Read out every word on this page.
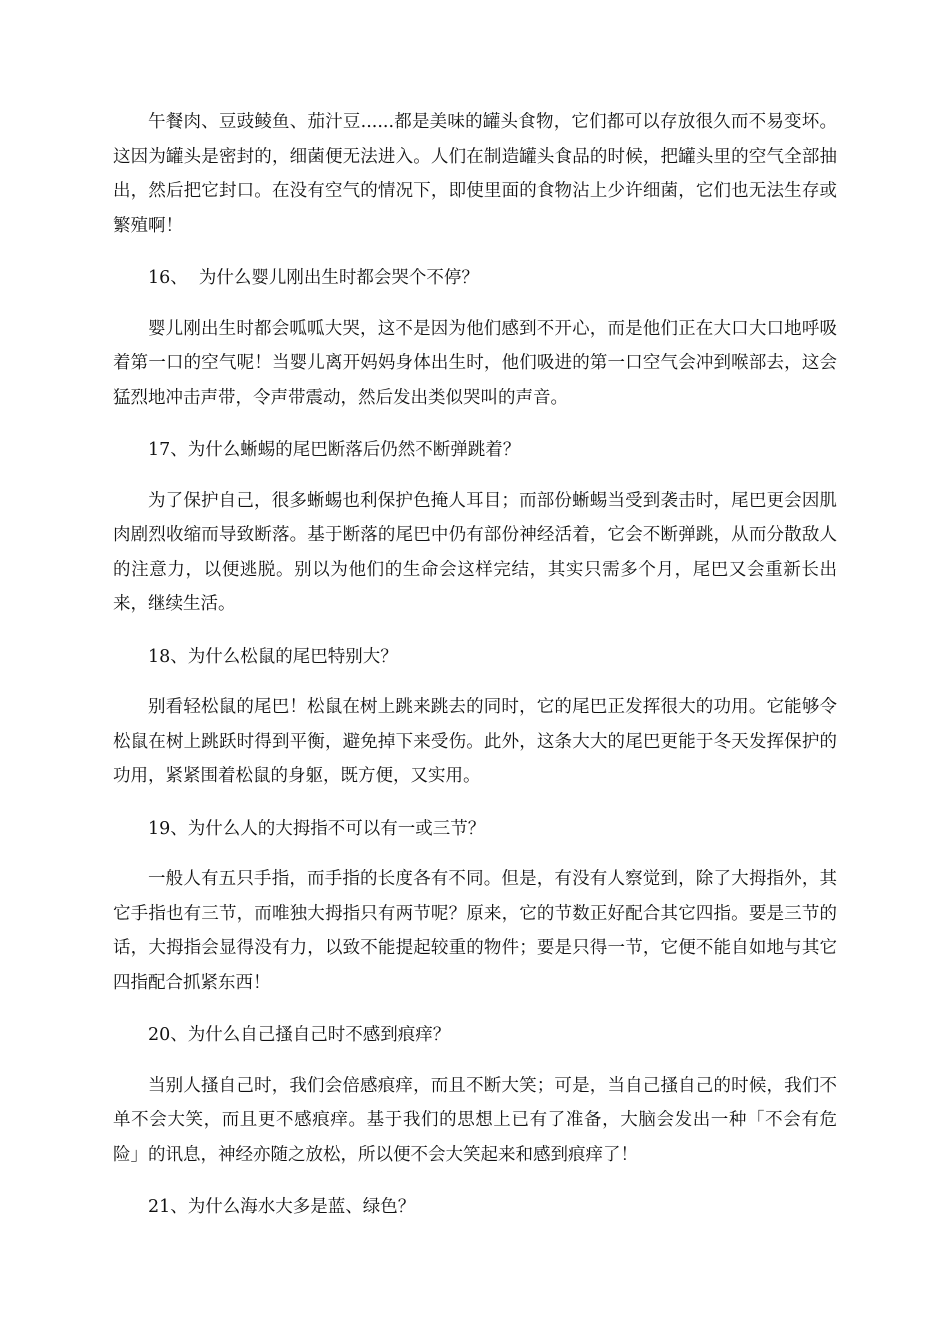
午餐肉、豆豉鲮鱼、茄汁豆......都是美味的罐头食物，它们都可以存放很久而不易变坏。这因为罐头是密封的，细菌便无法进入。人们在制造罐头食品的时候，把罐头里的空气全部抽出，然后把它封口。在没有空气的情况下，即使里面的食物沾上少许细菌，它们也无法生存或繁殖啊！

16、  为什么婴儿刚出生时都会哭个不停？

婴儿刚出生时都会呱呱大哭，这不是因为他们感到不开心，而是他们正在大口大口地呼吸着第一口的空气呢！当婴儿离开妈妈身体出生时，他们吸进的第一口空气会冲到喉部去，这会猛烈地冲击声带，令声带震动，然后发出类似哭叫的声音。

17、为什么蜥蜴的尾巴断落后仍然不断弹跳着？

为了保护自己，很多蜥蜴也利保护色掩人耳目；而部份蜥蜴当受到袭击时，尾巴更会因肌肉剧烈收缩而导致断落。基于断落的尾巴中仍有部份神经活着，它会不断弹跳，从而分散敌人的注意力，以便逃脱。别以为他们的生命会这样完结，其实只需多个月，尾巴又会重新长出来，继续生活。

18、为什么松鼠的尾巴特别大？

别看轻松鼠的尾巴！松鼠在树上跳来跳去的同时，它的尾巴正发挥很大的功用。它能够令松鼠在树上跳跃时得到平衡，避免掉下来受伤。此外，这条大大的尾巴更能于冬天发挥保护的功用，紧紧围着松鼠的身躯，既方便，又实用。

19、为什么人的大拇指不可以有一或三节？

一般人有五只手指，而手指的长度各有不同。但是，有没有人察觉到，除了大拇指外，其它手指也有三节，而唯独大拇指只有两节呢？原来，它的节数正好配合其它四指。要是三节的话，大拇指会显得没有力，以致不能提起较重的物件；要是只得一节，它便不能自如地与其它四指配合抓紧东西！

20、为什么自己搔自己时不感到痕痒？

当别人搔自己时，我们会倍感痕痒，而且不断大笑；可是，当自己搔自己的时候，我们不单不会大笑，而且更不感痕痒。基于我们的思想上已有了准备，大脑会发出一种「不会有危险」的讯息，神经亦随之放松，所以便不会大笑起来和感到痕痒了！

21、为什么海水大多是蓝、绿色？
